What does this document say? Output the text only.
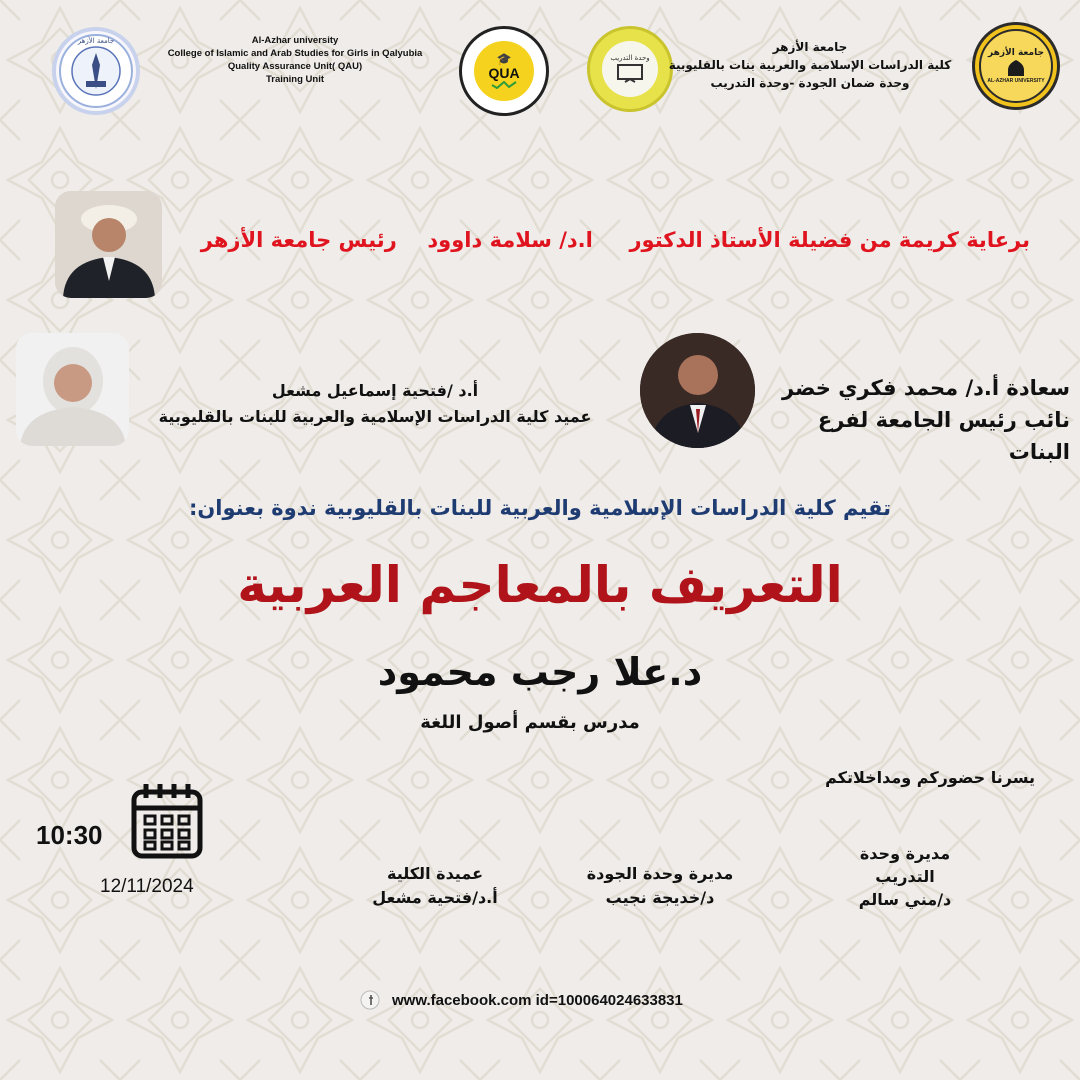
جامعة الأزهر	Al-Azhar university
College of Islamic and Arab Studies for Girls in Qalyubia
Quality Assurance Unit( QAU)
Training Unit
🎓
QUA
وحدة التدريب
جامعة الأزهر
كلية الدراسات الإسلامية والعربية بنات بالقليوبية
وحدة ضمان الجودة -وحدة التدريب
جامعة الأزهر
AL-AZHAR UNIVERSITY
برعاية كريمة من فضيلة الأستاذ الدكتور  ا.د/ سلامة داوود  رئيس جامعة الأزهر
أ.د /فتحية إسماعيل مشعل
عميد كلية الدراسات الإسلامية والعربية للبنات بالقليوبية
سعادة أ.د/ محمد فكري خضر
نائب رئيس الجامعة لفرع البنات
تقيم كلية الدراسات الإسلامية والعربية للبنات بالقليوبية ندوة بعنوان:
التعريف بالمعاجم العربية
د.علا رجب محمود
مدرس بقسم أصول اللغة
يسرنا حضوركم ومداخلاتكم
10:30
12/11/2024
مديرة وحدة
التدريب
د/مني سالم
مديرة وحدة الجودة
د/خديجة نجيب
عميدة الكلية
أ.د/فتحية مشعل
www.facebook.com id=100064024633831
